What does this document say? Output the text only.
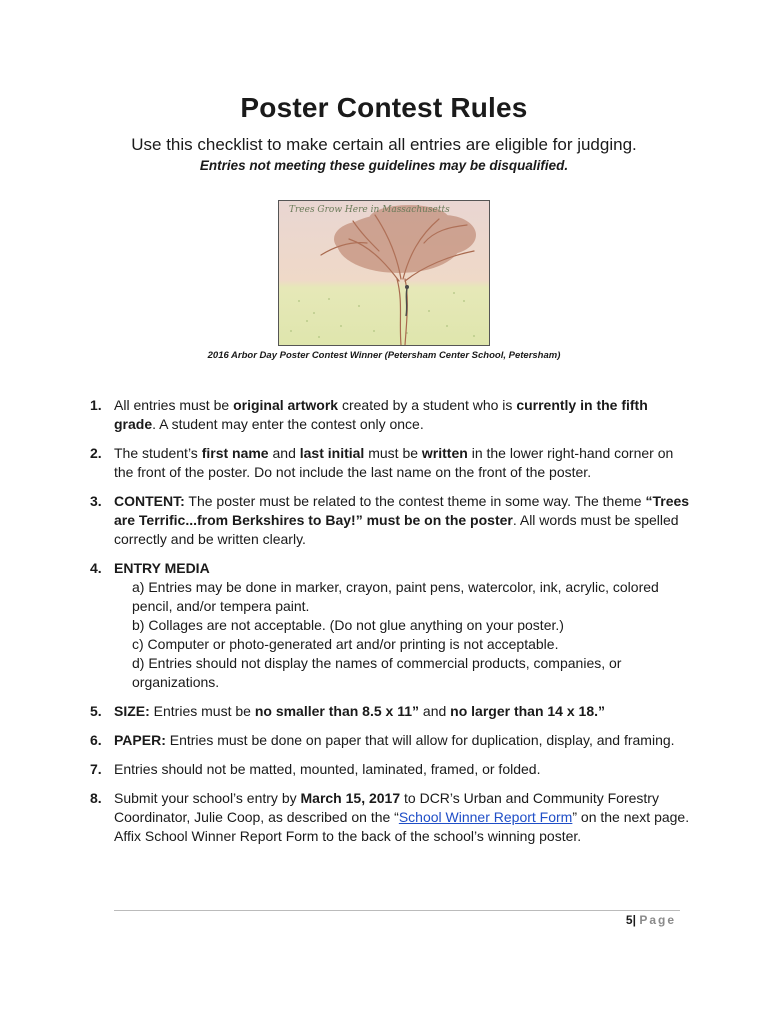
Poster Contest Rules
Use this checklist to make certain all entries are eligible for judging.
Entries not meeting these guidelines may be disqualified.
Trees Grow Here in Massachusetts
2016 Arbor Day Poster Contest Winner (Petersham Center School, Petersham)
1. All entries must be original artwork created by a student who is currently in the fifth grade. A student may enter the contest only once.
2. The student’s first name and last initial must be written in the lower right-hand corner on the front of the poster. Do not include the last name on the front of the poster.
3. CONTENT: The poster must be related to the contest theme in some way. The theme “Trees are Terrific...from Berkshires to Bay!” must be on the poster. All words must be spelled correctly and be written clearly.
4. ENTRY MEDIA
a) Entries may be done in marker, crayon, paint pens, watercolor, ink, acrylic, colored pencil, and/or tempera paint.
b) Collages are not acceptable. (Do not glue anything on your poster.)
c) Computer or photo-generated art and/or printing is not acceptable.
d) Entries should not display the names of commercial products, companies, or organizations.
5. SIZE: Entries must be no smaller than 8.5 x 11” and no larger than 14 x 18.”
6. PAPER: Entries must be done on paper that will allow for duplication, display, and framing.
7. Entries should not be matted, mounted, laminated, framed, or folded.
8. Submit your school’s entry by March 15, 2017 to DCR’s Urban and Community Forestry Coordinator, Julie Coop, as described on the “School Winner Report Form” on the next page. Affix School Winner Report Form to the back of the school’s winning poster.
5| Page
